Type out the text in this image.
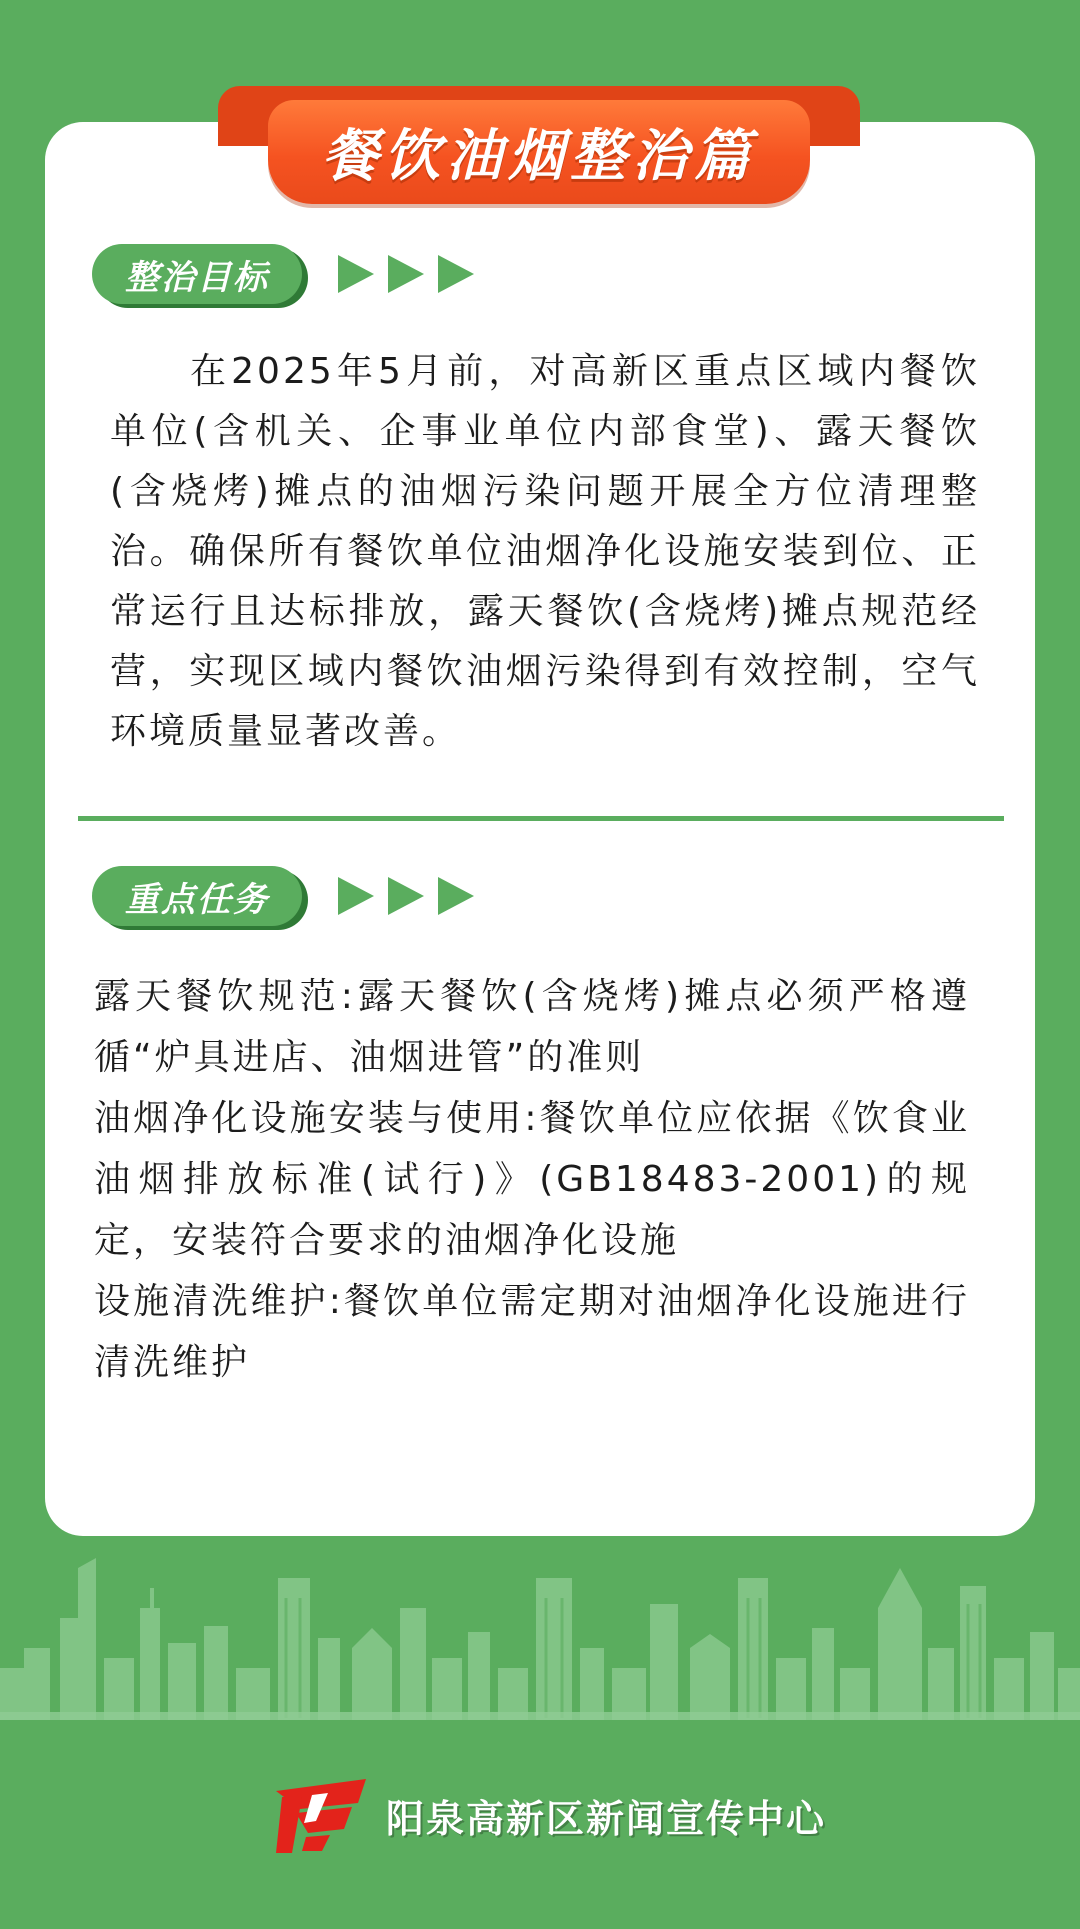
餐饮油烟整治篇
整治目标

在2025年5月前，对高新区重点区域内餐饮单位(含机关、企事业单位内部食堂)、露天餐饮(含烧烤)摊点的油烟污染问题开展全方位清理整治。确保所有餐饮单位油烟净化设施安装到位、正常运行且达标排放，露天餐饮(含烧烤)摊点规范经营，实现区域内餐饮油烟污染得到有效控制，空气环境质量显著改善。

重点任务
露天餐饮规范:露天餐饮(含烧烤)摊点必须严格遵循“炉具进店、油烟进管”的准则
油烟净化设施安装与使用:餐饮单位应依据《饮食业油烟排放标准(试行)》(GB18483-2001)的规定，安装符合要求的油烟净化设施
设施清洗维护:餐饮单位需定期对油烟净化设施进行清洗维护
阳泉高新区新闻宣传中心
